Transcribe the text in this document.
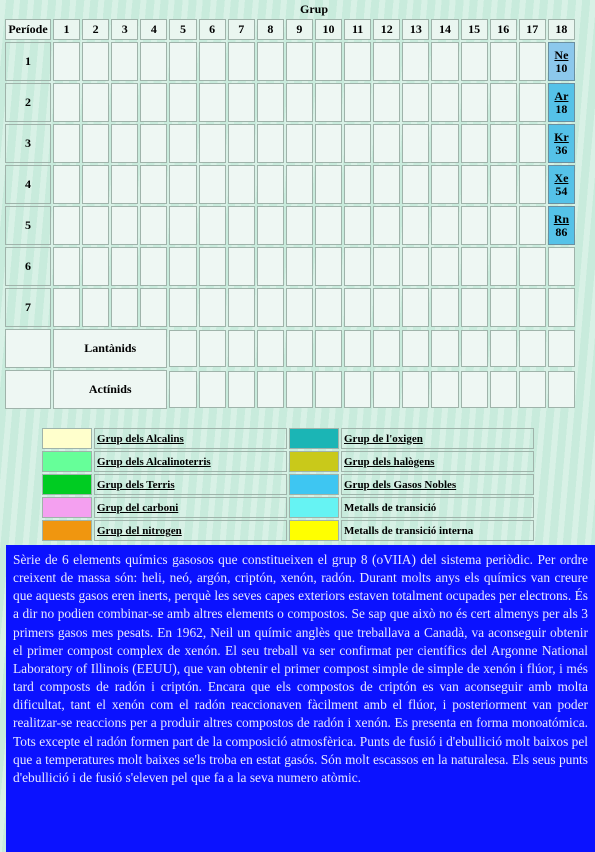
	Grup																	
Període	1	2	3	4	5	6	7	8	9	10	11	12	13	14	15	16	17	18
1																		Ne
10
2																		Ar
18
3																		Kr
36
4																		Xe
54
5																		Rn
86
6																		
7																		
	Lantànids																	

	Actínids																	
	Grup dels Alcalins		Grup de l'oxigen
	Grup dels Alcalinoterris		Grup dels halògens
	Grup dels Terris		Grup dels Gasos Nobles
	Grup del carboni		Metalls de transició
	Grup del nitrogen		Metalls de transició interna
Sèrie de 6 elements químics gasosos que constitueixen el grup 8 (oVIIA) del sistema periòdic. Per ordre creixent de massa són: heli, neó, argón, criptón, xenón, radón. Durant molts anys els químics van creure que aquests gasos eren inerts, perquè les seves capes exteriors estaven totalment ocupades per electrons. És a dir no podien combinar-se amb altres elements o compostos. Se sap que això no és cert almenys per als 3 primers gasos mes pesats. En 1962, Neil un químic anglès que treballava a Canadà, va aconseguir obtenir el primer compost complex de xenón. El seu treball va ser confirmat per científics del Argonne National Laboratory of Illinois (EEUU), que van obtenir el primer compost simple de simple de xenón i flúor, i més tard composts de radón i criptón. Encara que els compostos de criptón es van aconseguir amb molta dificultat, tant el xenón com el radón reaccionaven fàcilment amb el flúor, i posteriorment van poder realitzar-se reaccions per a produir altres compostos de radón i xenón. Es presenta en forma monoatómica. Tots excepte el radón formen part de la composició atmosfèrica. Punts de fusió i d'ebullició molt baixos pel que a temperatures molt baixes se'ls troba en estat gasós. Són molt escassos en la naturalesa. Els seus punts d'ebullició i de fusió s'eleven pel que fa a la seva numero atòmic.
